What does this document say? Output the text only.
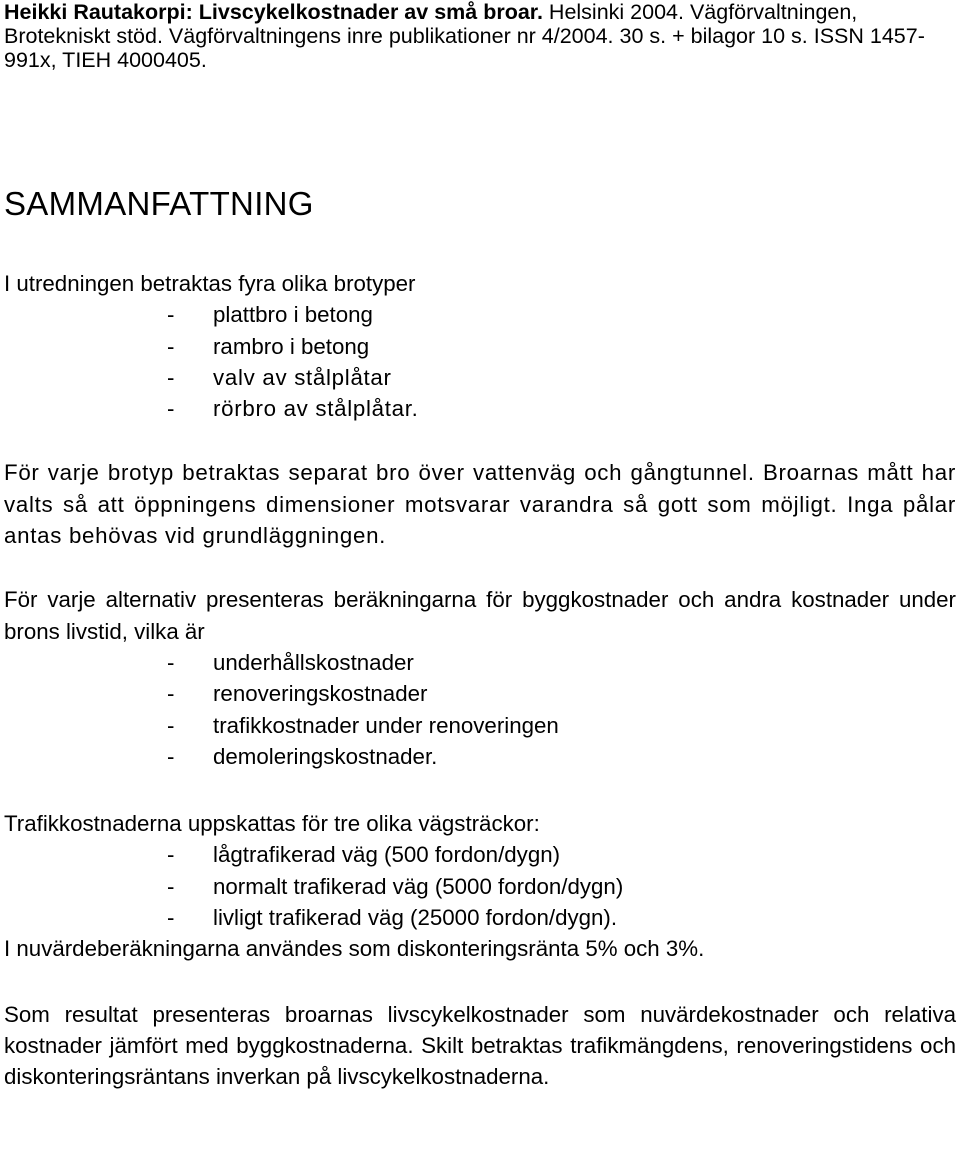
Heikki Rautakorpi: Livscykelkostnader av små broar. Helsinki 2004. Vägförvaltningen, Brotekniskt stöd. Vägförvaltningens inre publikationer nr 4/2004. 30 s. + bilagor 10 s. ISSN 1457-991x, TIEH 4000405.

SAMMANFATTNING

I utredningen betraktas fyra olika brotyper

- plattbro i betong
- rambro i betong
- valv av stålplåtar
- rörbro av stålplåtar.

För varje brotyp betraktas separat bro över vattenväg och gångtunnel. Broarnas mått har valts så att öppningens dimensioner motsvarar varandra så gott som möjligt. Inga pålar antas behövas vid grundläggningen.

För varje alternativ presenteras beräkningarna för byggkostnader och andra kostnader under brons livstid, vilka är

- underhållskostnader
- renoveringskostnader
- trafikkostnader under renoveringen
- demoleringskostnader.

Trafikkostnaderna uppskattas för tre olika vägsträckor:

- lågtrafikerad väg (500 fordon/dygn)
- normalt trafikerad väg (5000 fordon/dygn)
- livligt trafikerad väg (25000 fordon/dygn).

I nuvärdeberäkningarna användes som diskonteringsränta 5% och 3%.

Som resultat presenteras broarnas livscykelkostnader som nuvärdekostnader och relativa kostnader jämfört med byggkostnaderna. Skilt betraktas trafikmängdens, renoveringstidens och diskonteringsräntans inverkan på livscykelkostnaderna.
